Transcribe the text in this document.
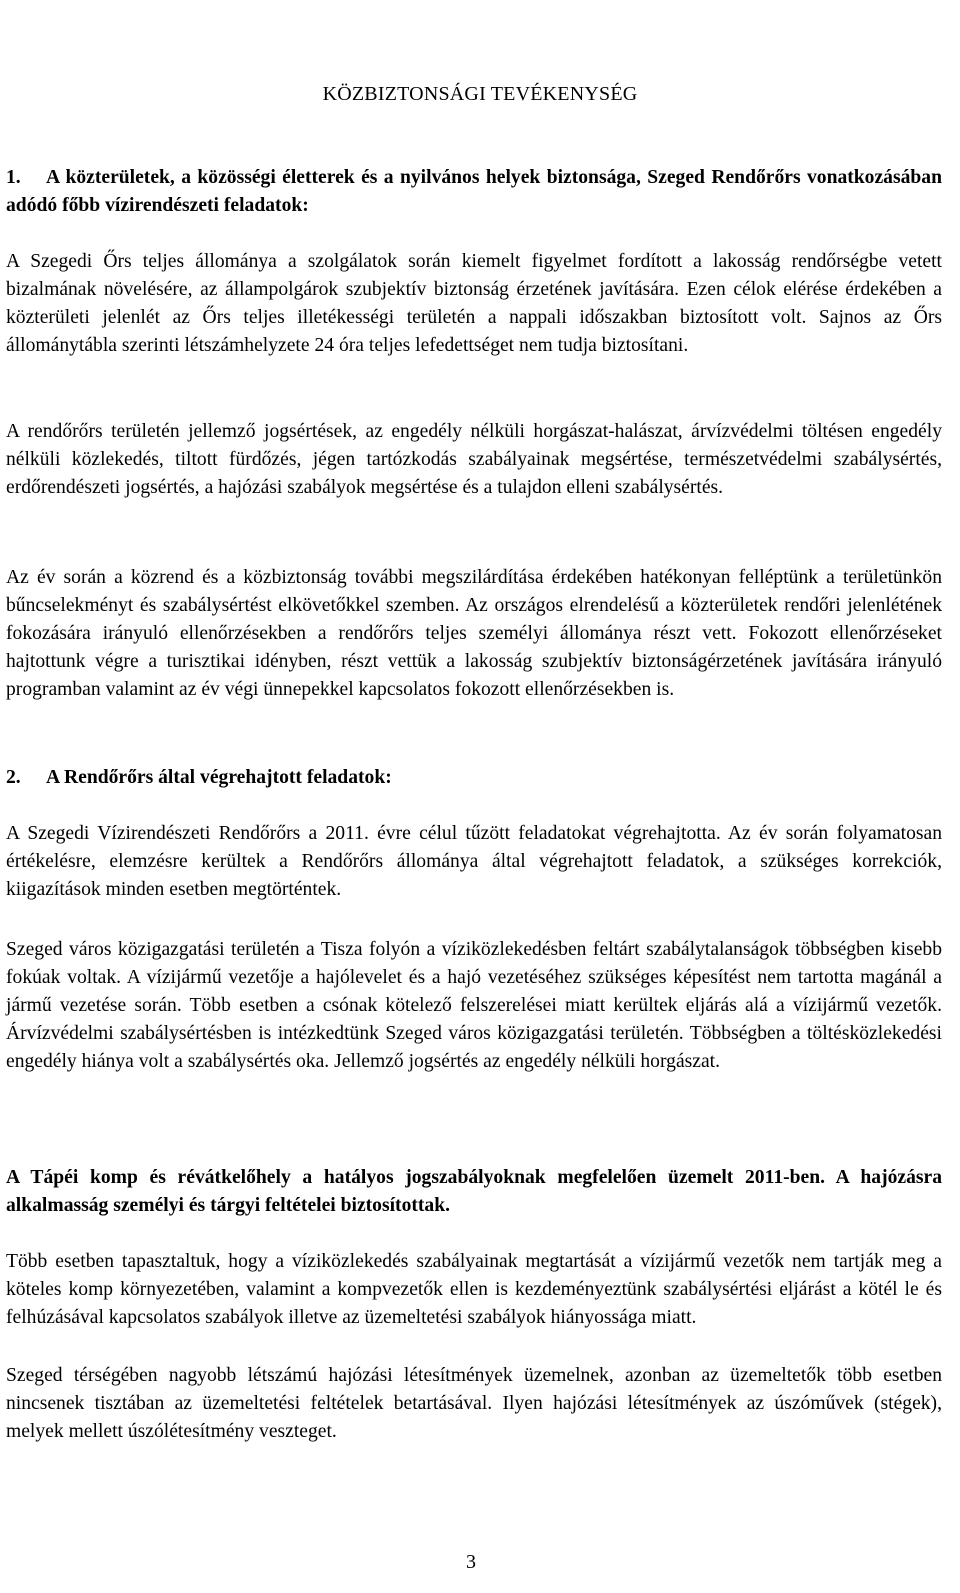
KÖZBIZTONSÁGI TEVÉKENYSÉG

1. A közterületek, a közösségi életterek és a nyilvános helyek biztonsága, Szeged Rendőrőrs vonatkozásában adódó főbb vízirendészeti feladatok:

A Szegedi Őrs teljes állománya a szolgálatok során kiemelt figyelmet fordított a lakosság rendőrségbe vetett bizalmának növelésére, az állampolgárok szubjektív biztonság érzetének javítására. Ezen célok elérése érdekében a közterületi jelenlét az Őrs teljes illetékességi területén a nappali időszakban biztosított volt. Sajnos az Őrs állománytábla szerinti létszámhelyzete 24 óra teljes lefedettséget nem tudja biztosítani.

A rendőrőrs területén jellemző jogsértések, az engedély nélküli horgászat-halászat, árvízvédelmi töltésen engedély nélküli közlekedés, tiltott fürdőzés, jégen tartózkodás szabályainak megsértése, természetvédelmi szabálysértés, erdőrendészeti jogsértés, a hajózási szabályok megsértése és a tulajdon elleni szabálysértés.

Az év során a közrend és a közbiztonság további megszilárdítása érdekében hatékonyan felléptünk a területünkön bűncselekményt és szabálysértést elkövetőkkel szemben. Az országos elrendelésű a közterületek rendőri jelenlétének fokozására irányuló ellenőrzésekben a rendőrőrs teljes személyi állománya részt vett. Fokozott ellenőrzéseket hajtottunk végre a turisztikai idényben, részt vettük a lakosság szubjektív biztonságérzetének javítására irányuló programban valamint az év végi ünnepekkel kapcsolatos fokozott ellenőrzésekben is.

2. A Rendőrőrs által végrehajtott feladatok:

A Szegedi Vízirendészeti Rendőrőrs a 2011. évre célul tűzött feladatokat végrehajtotta. Az év során folyamatosan értékelésre, elemzésre kerültek a Rendőrőrs állománya által végrehajtott feladatok, a szükséges korrekciók, kiigazítások minden esetben megtörténtek.

Szeged város közigazgatási területén a Tisza folyón a víziközlekedésben feltárt szabálytalanságok többségben kisebb fokúak voltak. A vízijármű vezetője a hajólevelet és a hajó vezetéséhez szükséges képesítést nem tartotta magánál a jármű vezetése során. Több esetben a csónak kötelező felszerelései miatt kerültek eljárás alá a vízijármű vezetők. Árvízvédelmi szabálysértésben is intézkedtünk Szeged város közigazgatási területén. Többségben a töltésközlekedési engedély hiánya volt a szabálysértés oka. Jellemző jogsértés az engedély nélküli horgászat.

A Tápéi komp és révátkelőhely a hatályos jogszabályoknak megfelelően üzemelt 2011-ben. A hajózásra alkalmasság személyi és tárgyi feltételei biztosítottak.

Több esetben tapasztaltuk, hogy a víziközlekedés szabályainak megtartását a vízijármű vezetők nem tartják meg a köteles komp környezetében, valamint a kompvezetők ellen is kezdeményeztünk szabálysértési eljárást a kötél le és felhúzásával kapcsolatos szabályok illetve az üzemeltetési szabályok hiányossága miatt.

Szeged térségében nagyobb létszámú hajózási létesítmények üzemelnek, azonban az üzemeltetők több esetben nincsenek tisztában az üzemeltetési feltételek betartásával. Ilyen hajózási létesítmények az úszóművek (stégek), melyek mellett úszólétesítmény veszteget.

3
